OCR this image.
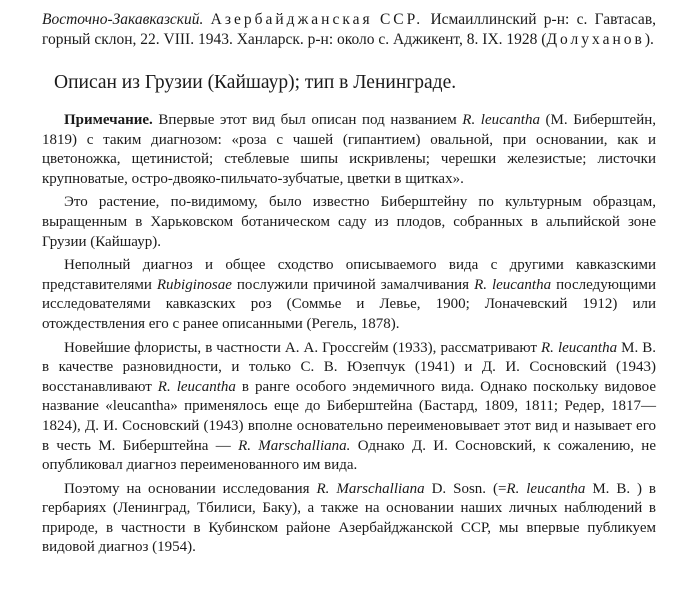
Восточно-Закавказский. Азербайджанская ССР. Исмаиллинский р-н: с. Гавтасав, горный склон, 22. VIII. 1943. Ханларск. р-н: около с. Аджикент, 8. IX. 1928 (Долуханов).

Описан из Грузии (Кайшаур); тип в Ленинграде.

Примечание. Впервые этот вид был описан под названием R. leucantha (М. Биберштейн, 1819) с таким диагнозом: «роза с чашей (гипантием) овальной, при основании, как и цветоножка, щетинистой; стеблевые шипы искривлены; черешки железистые; листочки крупноватые, остро-двояко-пильчато-зубчатые, цветки в щитках».

Это растение, по-видимому, было известно Биберштейну по культурным образцам, выращенным в Харьковском ботаническом саду из плодов, собранных в альпийской зоне Грузии (Кайшаур).

Неполный диагноз и общее сходство описываемого вида с другими кавказскими представителями Rubiginosae послужили причиной замалчивания R. leucantha последующими исследователями кавказских роз (Соммье и Левье, 1900; Лоначевский 1912) или отождествления его с ранее описанными (Регель, 1878).

Новейшие флористы, в частности А. А. Гроссгейм (1933), рассматривают R. leucantha М. В. в качестве разновидности, и только С. В. Юзепчук (1941) и Д. И. Сосновский (1943) восстанавливают R. leucantha в ранге особого эндемичного вида. Однако поскольку видовое название «leucantha» применялось еще до Биберштейна (Бастард, 1809, 1811; Редер, 1817—1824), Д. И. Сосновский (1943) вполне основательно переименовывает этот вид и называет его в честь М. Биберштейна — R. Marschalliana. Однако Д. И. Сосновский, к сожалению, не опубликовал диагноз переименованного им вида.

Поэтому на основании исследования R. Marschalliana D. Sosn. (=R. leucantha М. В. ) в гербариях (Ленинград, Тбилиси, Баку), а также на основании наших личных наблюдений в природе, в частности в Кубинском районе Азербайджанской ССР, мы впервые публикуем видовой диагноз (1954).
